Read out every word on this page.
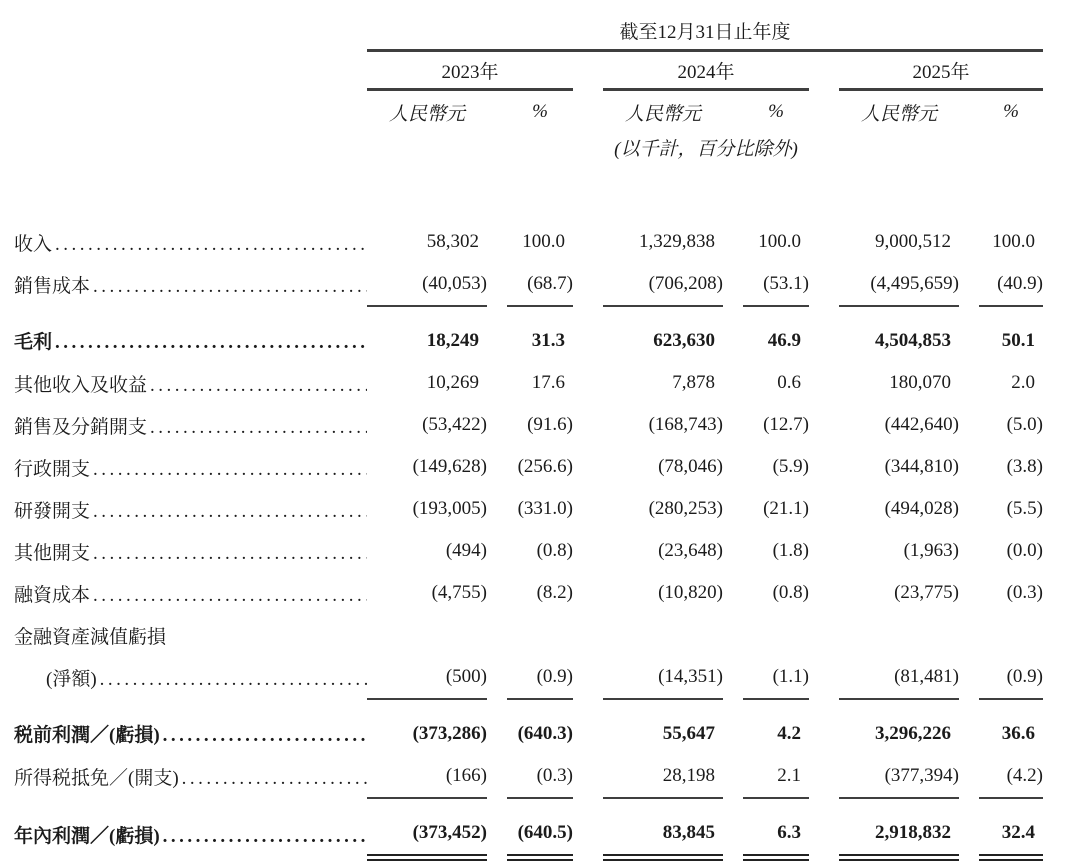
	截至12月31日止年度										
	2023年				2024年				2025年		
	人民幣元		%		人民幣元		%		人民幣元		%
					(以千計，百分比除外)						

收入
.....	58,302		100.0		1,329,838		100.0		9,000,512		100.0

銷售成本
.....	(40,053)		(68.7)		(706,208)		(53.1)		(4,495,659)		(40.9)

毛利
.....	18,249		31.3		623,630		46.9		4,504,853		50.1

其他收入及收益
.....	10,269		17.6		7,878		0.6		180,070		2.0

銷售及分銷開支
.....	(53,422)		(91.6)		(168,743)		(12.7)		(442,640)		(5.0)

行政開支
.....	(149,628)		(256.6)		(78,046)		(5.9)		(344,810)		(3.8)

研發開支
.....	(193,005)		(331.0)		(280,253)		(21.1)		(494,028)		(5.5)

其他開支
.....	(494)		(0.8)		(23,648)		(1.8)		(1,963)		(0.0)

融資成本
.....	(4,755)		(8.2)		(10,820)		(0.8)		(23,775)		(0.3)

金融資產減值虧損											

(淨額)
.....	(500)		(0.9)		(14,351)		(1.1)		(81,481)		(0.9)

税前利潤／(虧損)
.....	(373,286)		(640.3)		55,647		4.2		3,296,226		36.6

所得税抵免／(開支)
.....	(166)		(0.3)		28,198		2.1		(377,394)		(4.2)

年內利潤／(虧損)
.....	(373,452)		(640.5)		83,845		6.3		2,918,832		32.4
